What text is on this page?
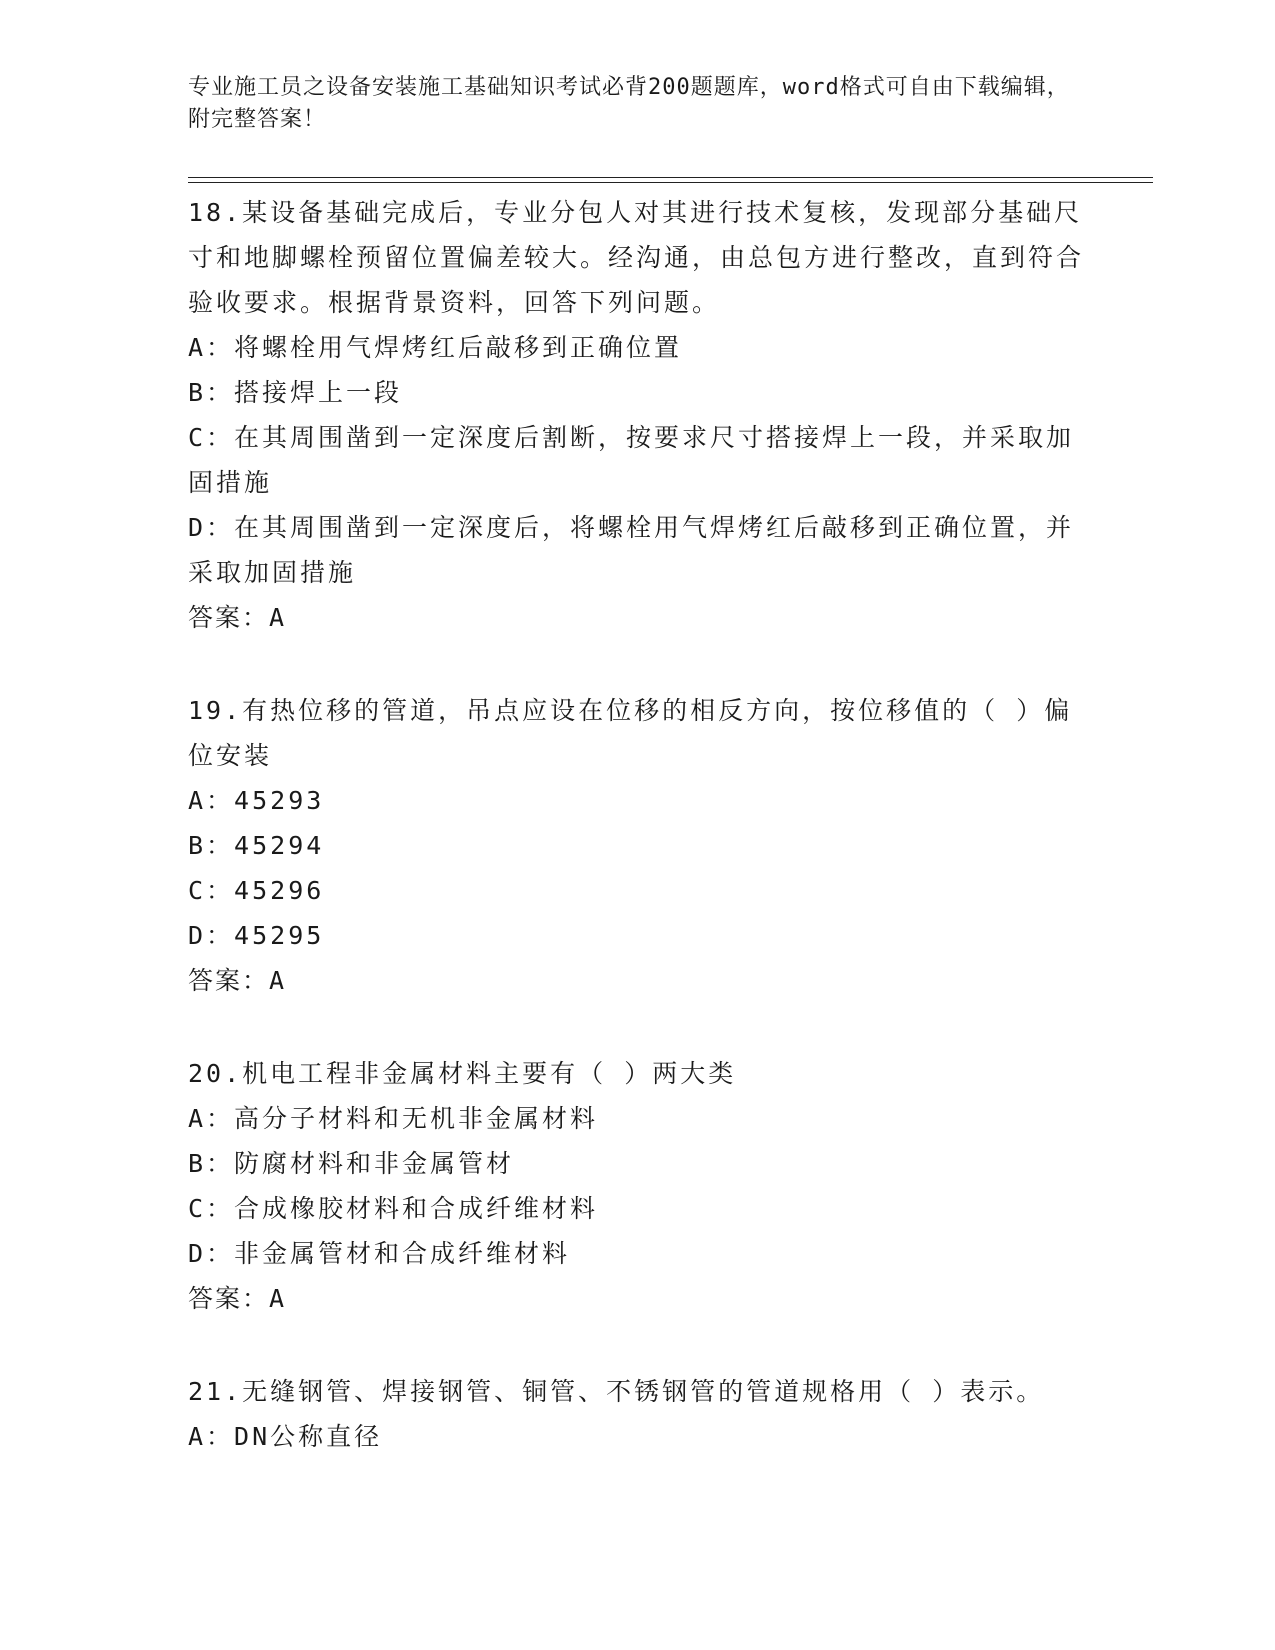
专业施工员之设备安装施工基础知识考试必背200题题库，word格式可自由下载编辑，附完整答案！
18.某设备基础完成后，专业分包人对其进行技术复核，发现部分基础尺寸和地脚螺栓预留位置偏差较大。经沟通，由总包方进行整改，直到符合验收要求。根据背景资料，回答下列问题。
A：将螺栓用气焊烤红后敲移到正确位置
B：搭接焊上一段
C：在其周围凿到一定深度后割断，按要求尺寸搭接焊上一段，并采取加固措施
D：在其周围凿到一定深度后，将螺栓用气焊烤红后敲移到正确位置，并采取加固措施
答案：A
19.有热位移的管道，吊点应设在位移的相反方向，按位移值的（ ）偏位安装
A：45293
B：45294
C：45296
D：45295
答案：A
20.机电工程非金属材料主要有（ ）两大类
A：高分子材料和无机非金属材料
B：防腐材料和非金属管材
C：合成橡胶材料和合成纤维材料
D：非金属管材和合成纤维材料
答案：A
21.无缝钢管、焊接钢管、铜管、不锈钢管的管道规格用（ ）表示。
A：DN公称直径
